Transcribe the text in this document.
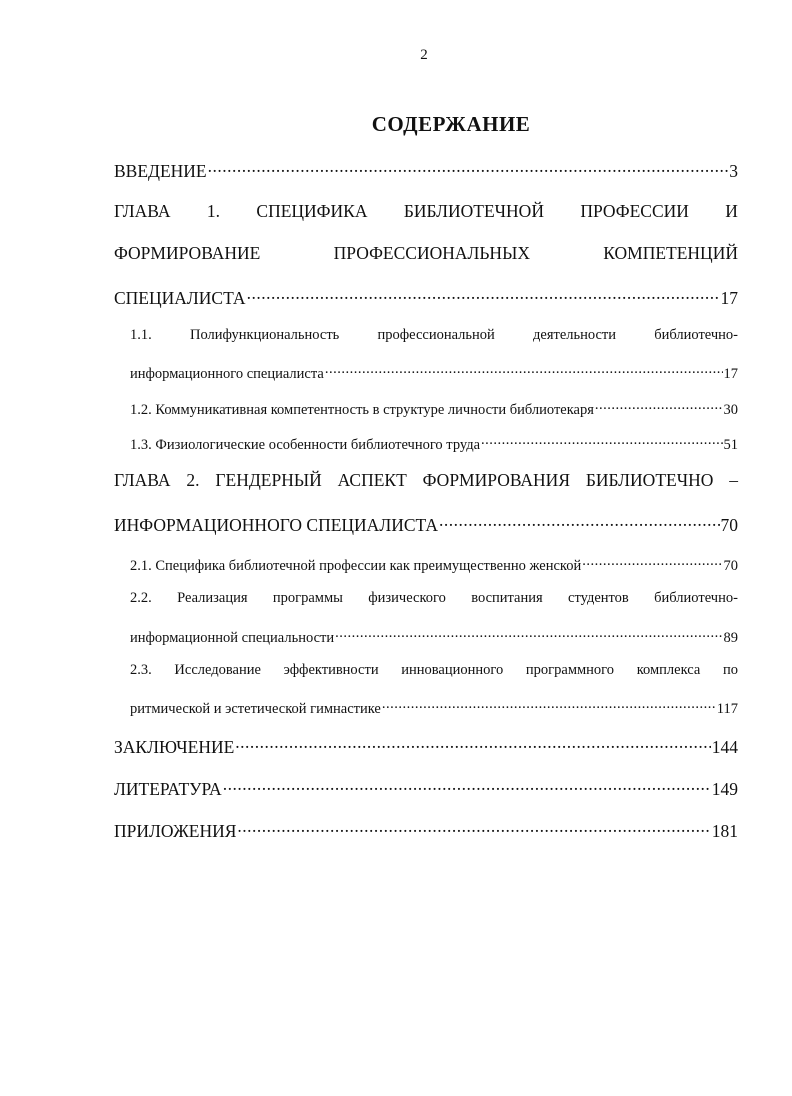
2
СОДЕРЖАНИЕ
ВВЕДЕНИЕ .....	3
ГЛАВА 1. СПЕЦИФИКА БИБЛИОТЕЧНОЙ ПРОФЕССИИ И
ФОРМИРОВАНИЕ	ПРОФЕССИОНАЛЬНЫХ	КОМПЕТЕНЦИЙ
СПЕЦИАЛИСТА .....	17
1.1.	Полифункциональность	профессиональной	деятельности	библиотечно-
информационного специалиста .....	17
1.2. Коммуникативная компетентность в структуре личности библиотекаря .....	30
1.3. Физиологические особенности библиотечного труда .....	51
ГЛАВА 2. ГЕНДЕРНЫЙ АСПЕКТ ФОРМИРОВАНИЯ БИБЛИОТЕЧНО –
ИНФОРМАЦИОННОГО СПЕЦИАЛИСТА .....	70
2.1. Специфика библиотечной профессии как преимущественно женской .....	70
2.2. Реализация программы физического воспитания студентов библиотечно-
информационной специальности .....	89
2.3. Исследование эффективности инновационного программного комплекса по
ритмической и эстетической гимнастике .....	117
ЗАКЛЮЧЕНИЕ .....	144
ЛИТЕРАТУРА .....	149
ПРИЛОЖЕНИЯ .....	181
